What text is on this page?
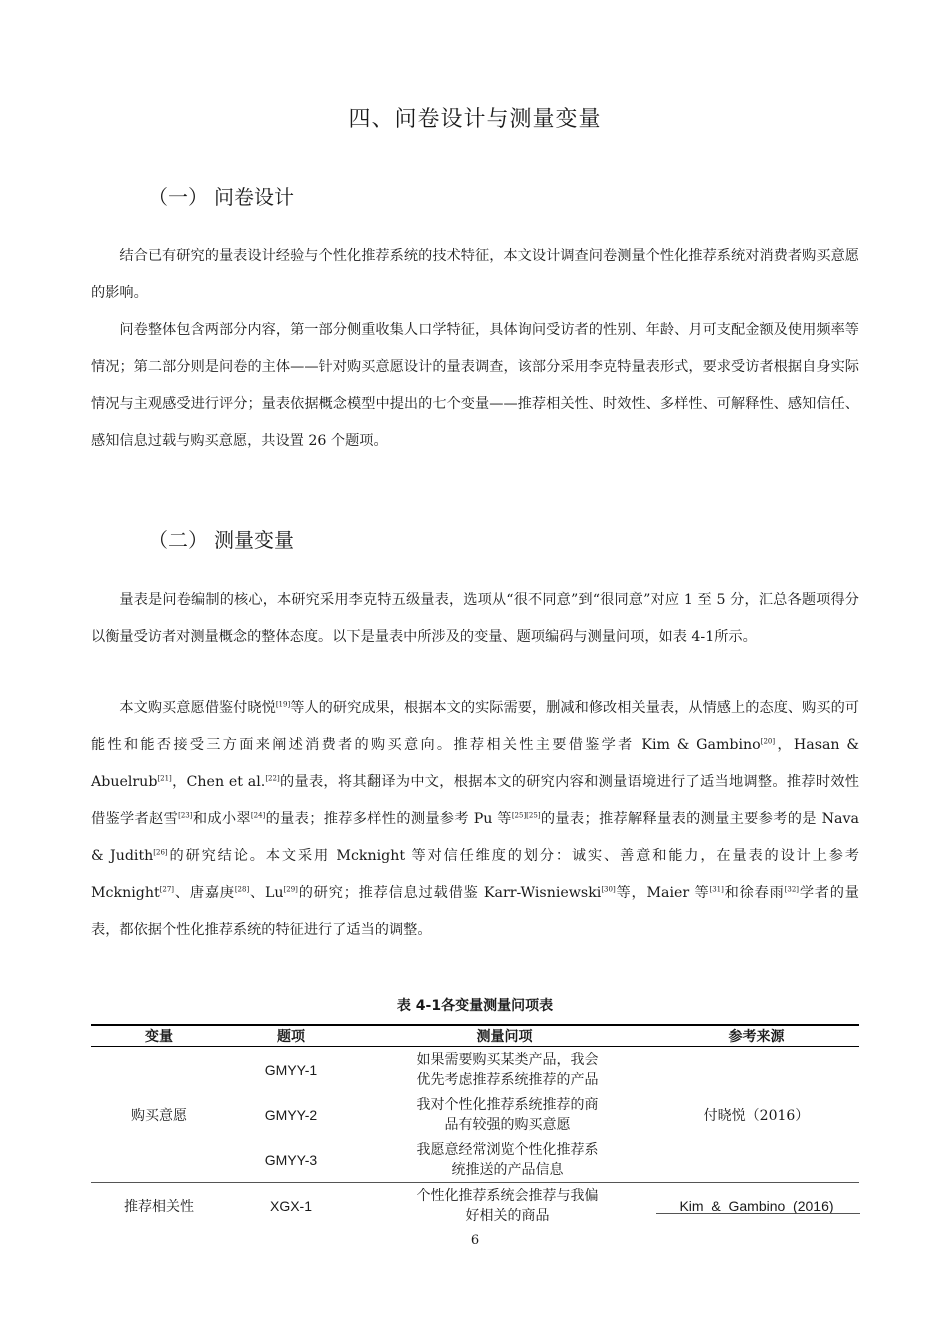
四、问卷设计与测量变量
（一） 问卷设计

结合已有研究的量表设计经验与个性化推荐系统的技术特征，本文设计调查问卷测量个性化推荐系统对消费者购买意愿的影响。

问卷整体包含两部分内容，第一部分侧重收集人口学特征，具体询问受访者的性别、年龄、月可支配金额及使用频率等情况；第二部分则是问卷的主体——针对购买意愿设计的量表调查，该部分采用李克特量表形式，要求受访者根据自身实际情况与主观感受进行评分；量表依据概念模型中提出的七个变量——推荐相关性、时效性、多样性、可解释性、感知信任、感知信息过载与购买意愿，共设置 26 个题项。

（二） 测量变量

量表是问卷编制的核心，本研究采用李克特五级量表，选项从“很不同意”到“很同意”对应 1 至 5 分，汇总各题项得分以衡量受访者对测量概念的整体态度。以下是量表中所涉及的变量、题项编码与测量问项，如表 4-1所示。

本文购买意愿借鉴付晓悦[19]等人的研究成果，根据本文的实际需要，删减和修改相关量表，从情感上的态度、购买的可能性和能否接受三方面来阐述消费者的购买意向。推荐相关性主要借鉴学者 Kim & Gambino[20]，Hasan & Abuelrub[21]，Chen et al.[22]的量表，将其翻译为中文，根据本文的研究内容和测量语境进行了适当地调整。推荐时效性借鉴学者赵雪[23]和成小翠[24]的量表；推荐多样性的测量参考 Pu 等[25][25]的量表；推荐解释量表的测量主要参考的是 Nava & Judith[26]的研究结论。本文采用 Mcknight 等对信任维度的划分：诚实、善意和能力，在量表的设计上参考 Mcknight[27]、唐嘉庚[28]、Lu[29]的研究；推荐信息过载借鉴 Karr-Wisniewski[30]等，Maier 等[31]和徐春雨[32]学者的量表，都依据个性化推荐系统的特征进行了适当的调整。

表 4-1各变量测量问项表
变量	题项	测量问项	参考来源
购买意愿	GMYY-1	如果需要购买某类产品，我会优先考虑推荐系统推荐的产品	付晓悦（2016）
	GMYY-2	我对个性化推荐系统推荐的商品有较强的购买意愿	
	GMYY-3	我愿意经常浏览个性化推荐系统推送的产品信息	
推荐相关性	XGX-1	个性化推荐系统会推荐与我偏好相关的商品	Kim  &  Gambino  (2016)
6
